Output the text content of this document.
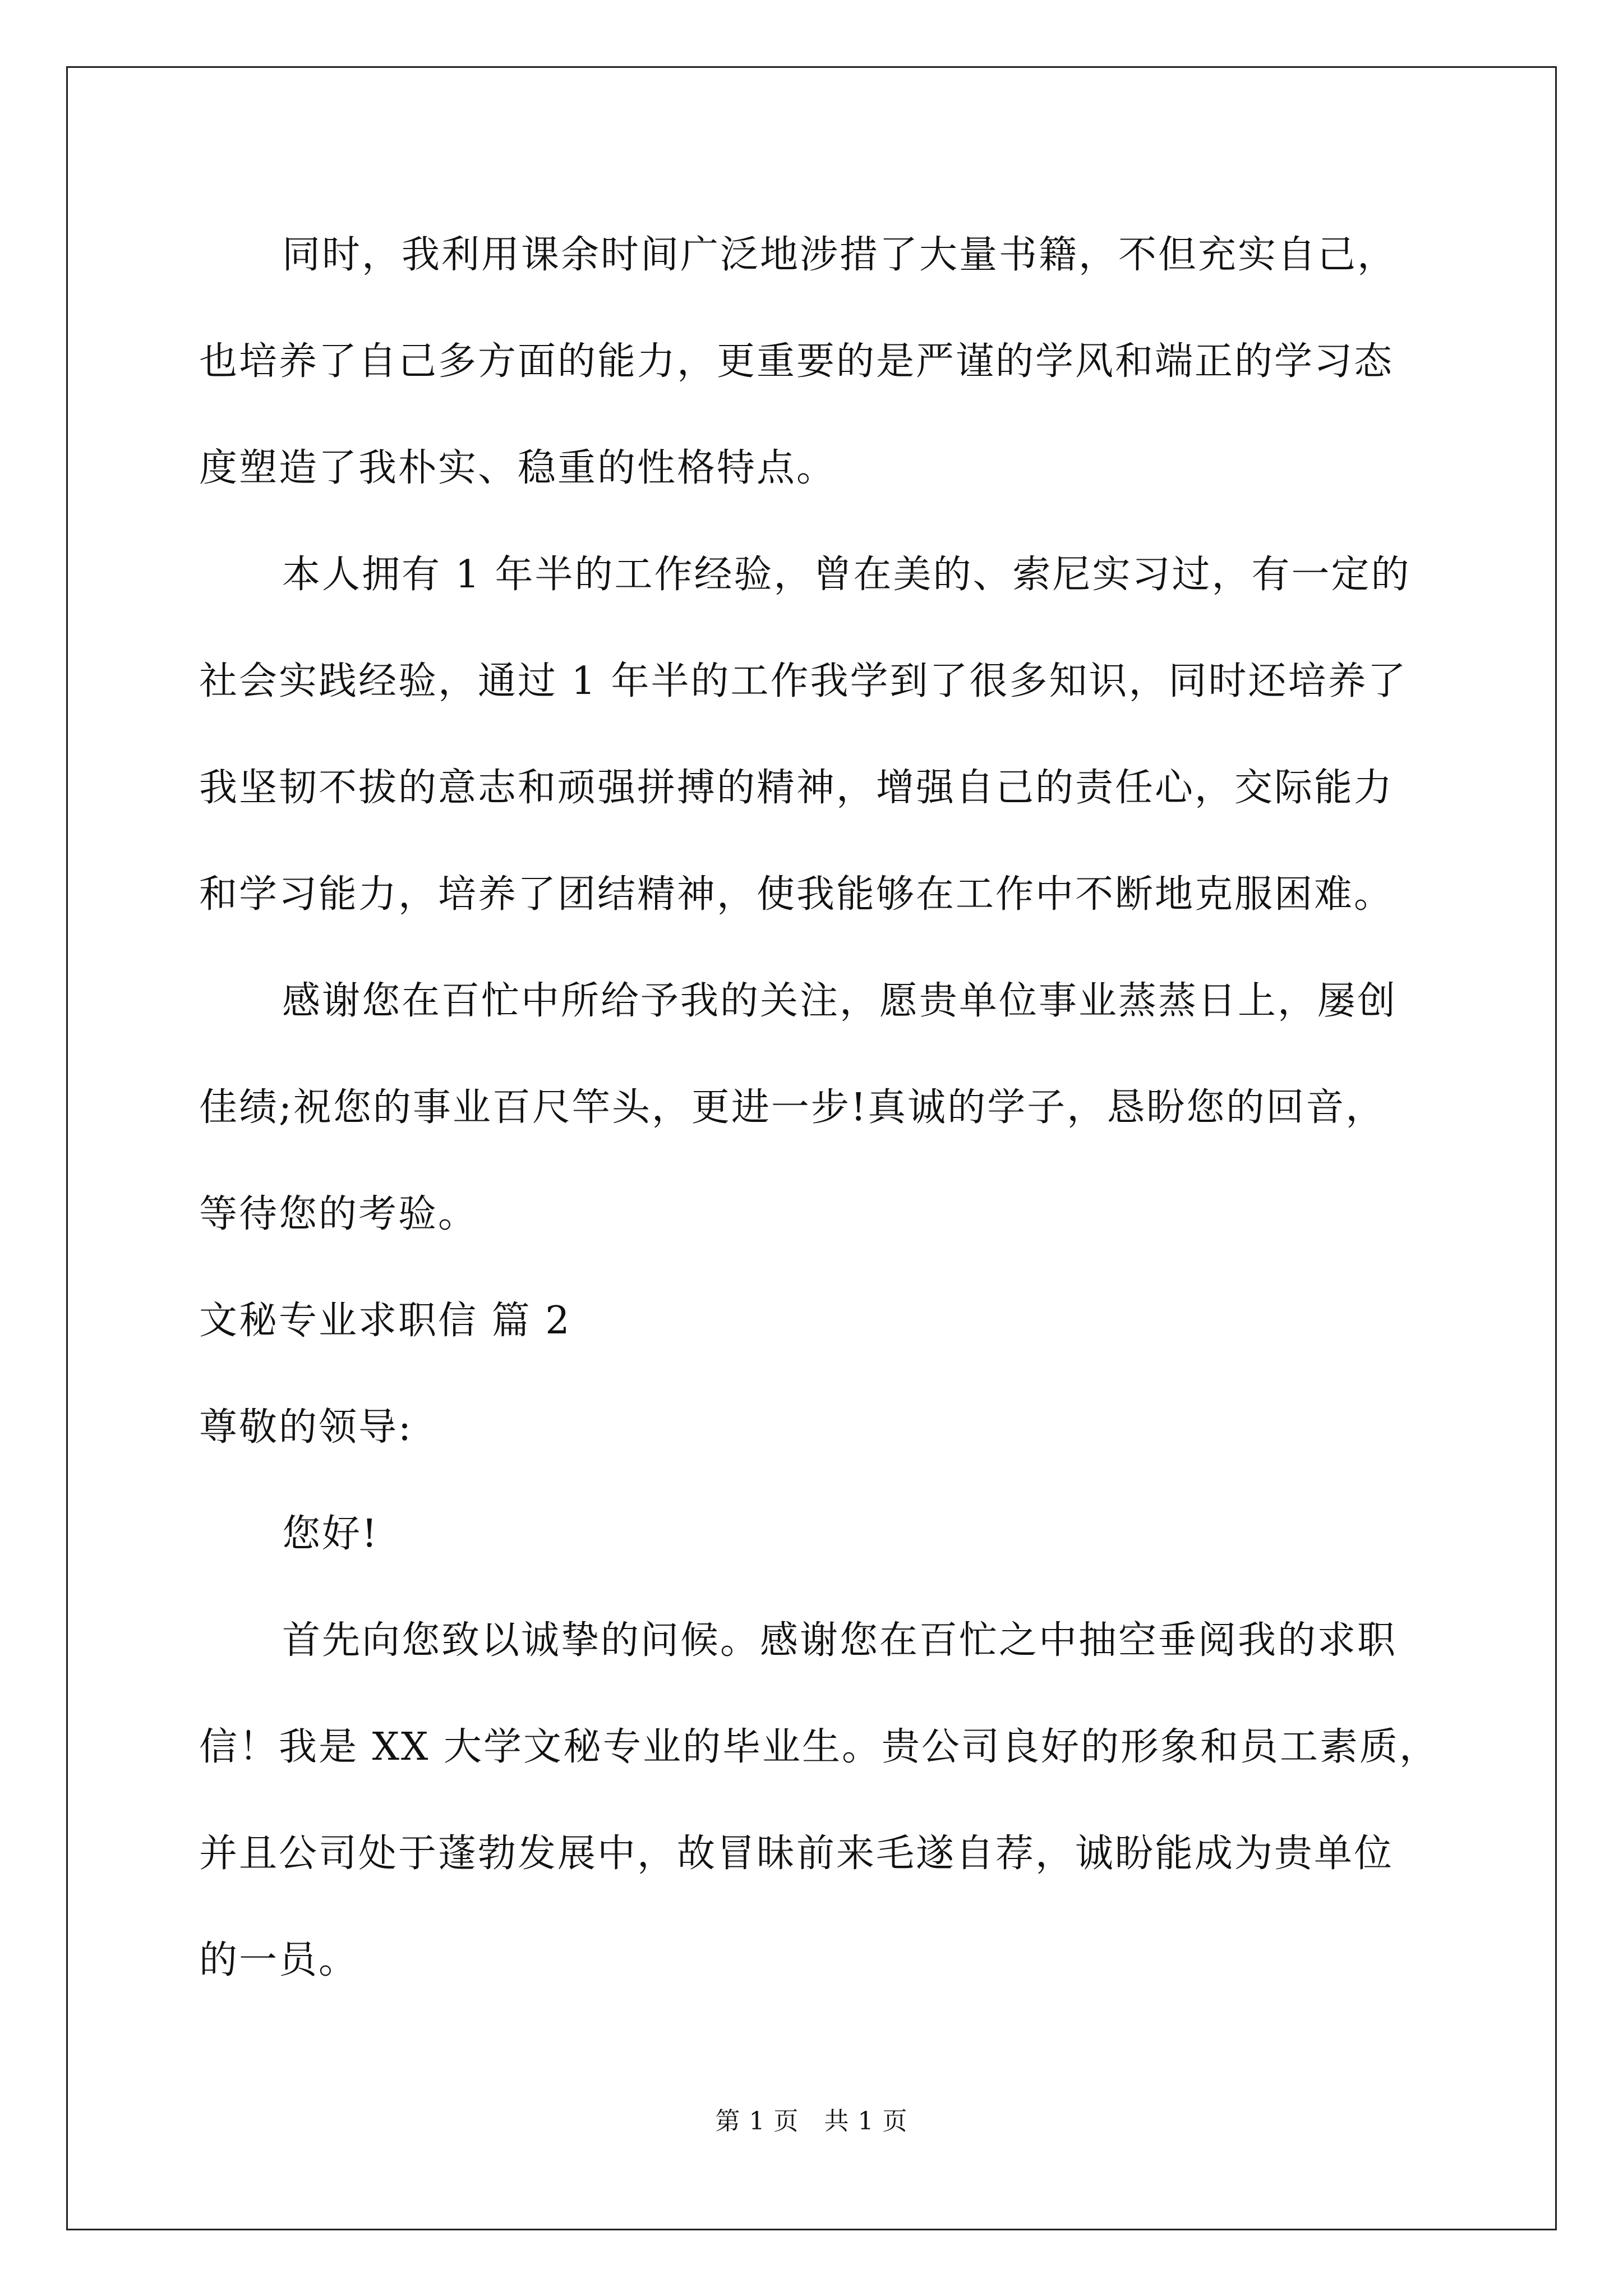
同时，我利用课余时间广泛地涉措了大量书籍，不但充实自己，
也培养了自己多方面的能力，更重要的是严谨的学风和端正的学习态
度塑造了我朴实、稳重的性格特点。
本人拥有 1 年半的工作经验，曾在美的、索尼实习过，有一定的
社会实践经验，通过 1 年半的工作我学到了很多知识，同时还培养了
我坚韧不拔的意志和顽强拼搏的精神，增强自己的责任心，交际能力
和学习能力，培养了团结精神，使我能够在工作中不断地克服困难。
感谢您在百忙中所给予我的关注，愿贵单位事业蒸蒸日上，屡创
佳绩;祝您的事业百尺竿头，更进一步!真诚的学子，恳盼您的回音，
等待您的考验。
文秘专业求职信 篇 2
尊敬的领导:
您好!
首先向您致以诚挚的问候。感谢您在百忙之中抽空垂阅我的求职
信！我是 XX 大学文秘专业的毕业生。贵公司良好的形象和员工素质，
并且公司处于蓬勃发展中，故冒昧前来毛遂自荐，诚盼能成为贵单位
的一员。
第 1 页   共 1 页
